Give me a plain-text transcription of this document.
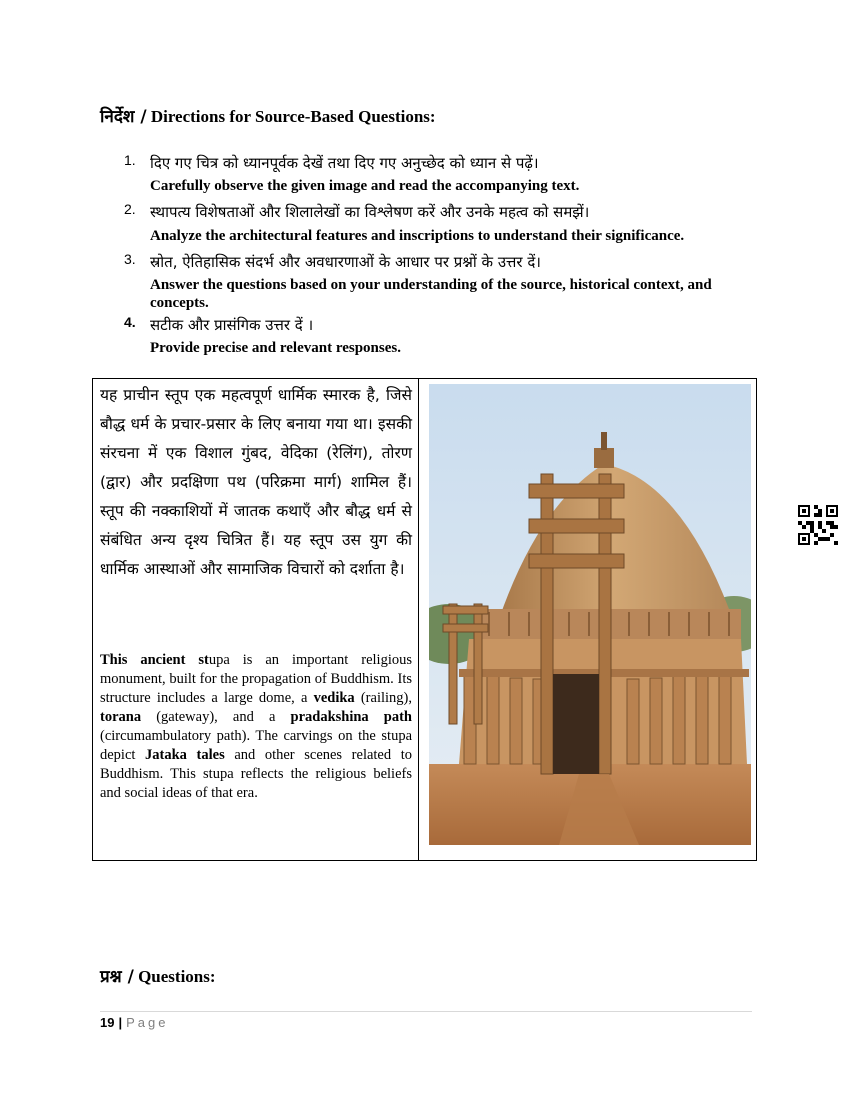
निर्देश / Directions for Source-Based Questions:
1. दिए गए चित्र को ध्यानपूर्वक देखें तथा दिए गए अनुच्छेद को ध्यान से पढ़ें।
Carefully observe the given image and read the accompanying text.
2. स्थापत्य विशेषताओं और शिलालेखों का विश्लेषण करें और उनके महत्व को समझें।
Analyze the architectural features and inscriptions to understand their significance.
3. स्रोत, ऐतिहासिक संदर्भ और अवधारणाओं के आधार पर प्रश्नों के उत्तर दें।
Answer the questions based on your understanding of the source, historical context, and concepts.
4. सटीक और प्रासंगिक उत्तर दें ।
Provide precise and relevant responses.
यह प्राचीन स्तूप एक महत्वपूर्ण धार्मिक स्मारक है, जिसे बौद्ध धर्म के प्रचार-प्रसार के लिए बनाया गया था। इसकी संरचना में एक विशाल गुंबद, वेदिका (रेलिंग), तोरण (द्वार) और प्रदक्षिणा पथ (परिक्रमा मार्ग) शामिल हैं। स्तूप की नक्काशियों में जातक कथाएँ और बौद्ध धर्म से संबंधित अन्य दृश्य चित्रित हैं। यह स्तूप उस युग की धार्मिक आस्थाओं और सामाजिक विचारों को दर्शाता है।
This ancient stupa is an important religious monument, built for the propagation of Buddhism. Its structure includes a large dome, a vedika (railing), torana (gateway), and a pradakshina path (circumambulatory path). The carvings on the stupa depict Jataka tales and other scenes related to Buddhism. This stupa reflects the religious beliefs and social ideas of that era.
प्रश्न / Questions:
19 | Page
